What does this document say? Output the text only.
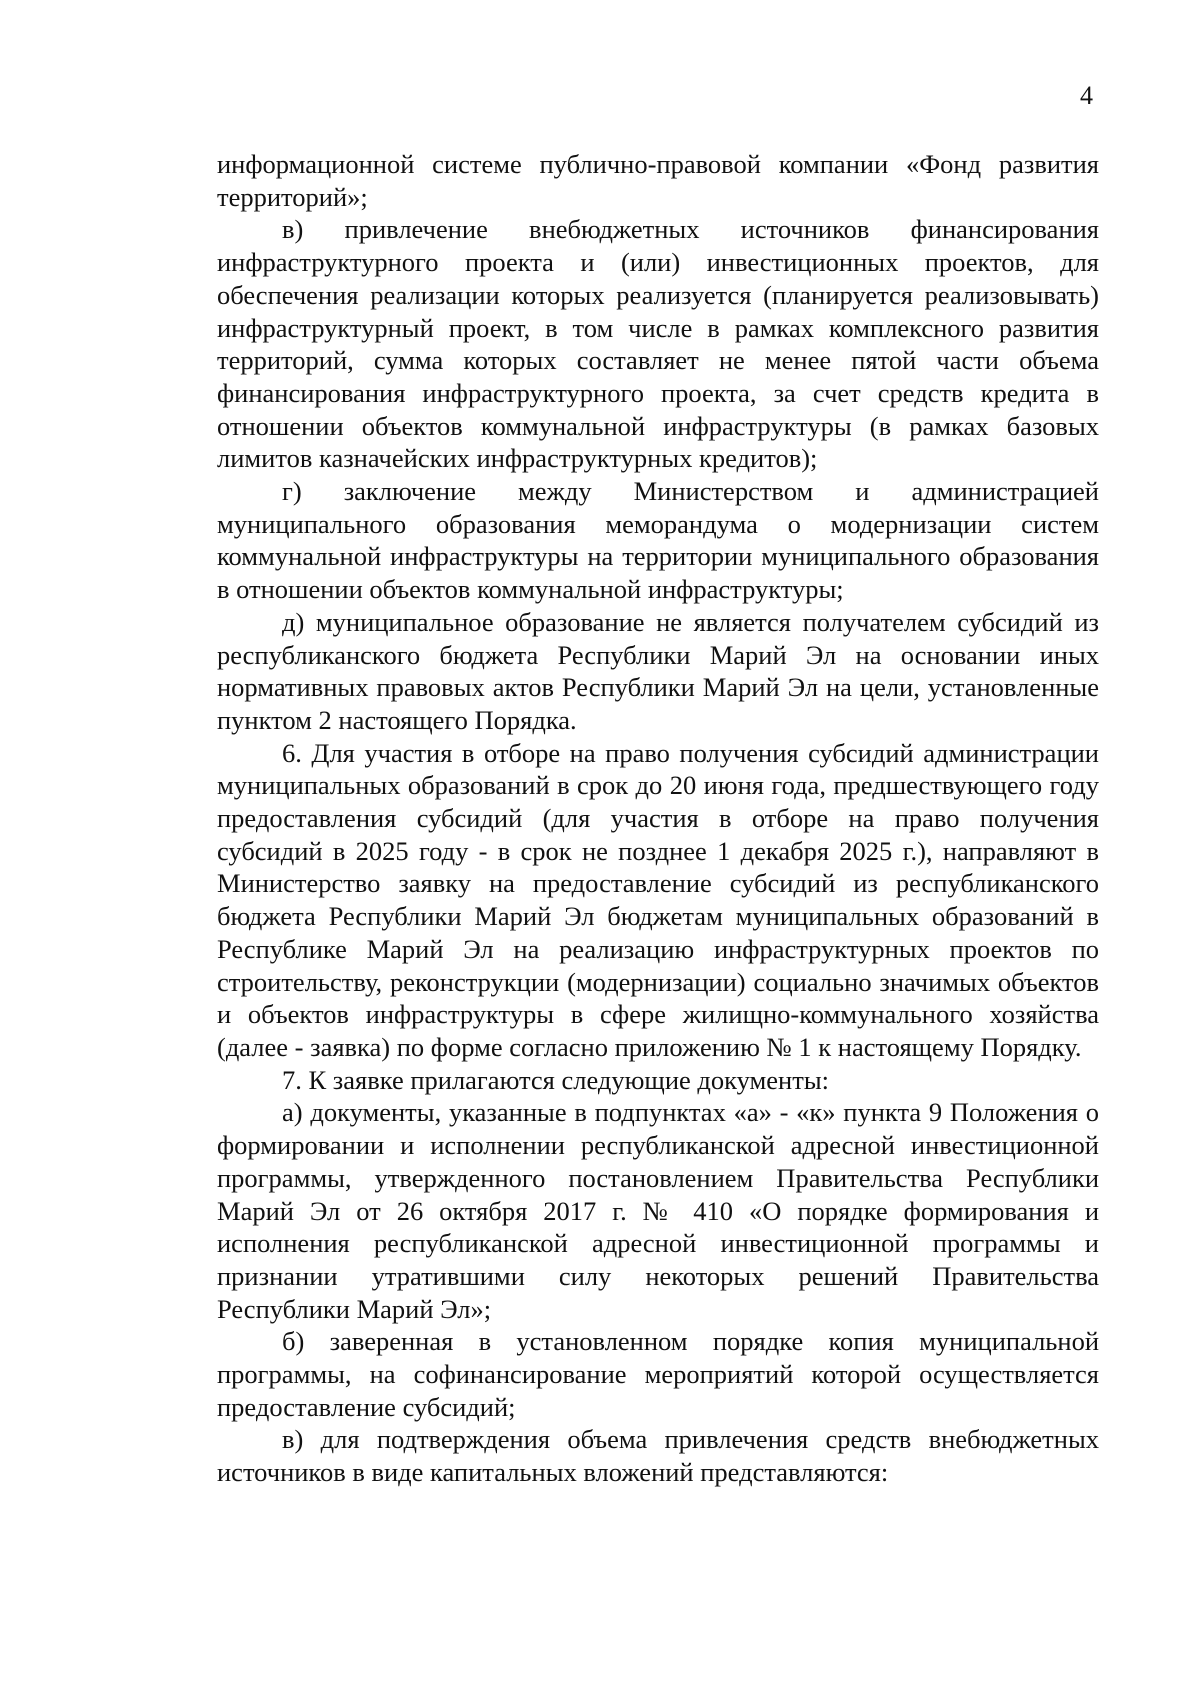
4

информационной системе публично-правовой компании «Фонд развития территорий»;

в) привлечение внебюджетных источников финансирования инфраструктурного проекта и (или) инвестиционных проектов, для обеспечения реализации которых реализуется (планируется реализовывать) инфраструктурный проект, в том числе в рамках комплексного развития территорий, сумма которых составляет не менее пятой части объема финансирования инфраструктурного проекта, за счет средств кредита в отношении объектов коммунальной инфраструктуры (в рамках базовых лимитов казначейских инфраструктурных кредитов);

г) заключение между Министерством и администрацией муниципального образования меморандума о модернизации систем коммунальной инфраструктуры на территории муниципального образования в отношении объектов коммунальной инфраструктуры;

д) муниципальное образование не является получателем субсидий из республиканского бюджета Республики Марий Эл на основании иных нормативных правовых актов Республики Марий Эл на цели, установленные пунктом 2 настоящего Порядка.

6. Для участия в отборе на право получения субсидий администрации муниципальных образований в срок до 20 июня года, предшествующего году предоставления субсидий (для участия в отборе на право получения субсидий в 2025 году - в срок не позднее 1 декабря 2025 г.), направляют в Министерство заявку на предоставление субсидий из республиканского бюджета Республики Марий Эл бюджетам муниципальных образований в Республике Марий Эл на реализацию инфраструктурных проектов по строительству, реконструкции (модернизации) социально значимых объектов и объектов инфраструктуры в сфере жилищно-коммунального хозяйства (далее - заявка) по форме согласно приложению № 1 к настоящему Порядку.

7. К заявке прилагаются следующие документы:

а) документы, указанные в подпунктах «а» - «к» пункта 9 Положения о формировании и исполнении республиканской адресной инвестиционной программы, утвержденного постановлением Правительства Республики Марий Эл от 26 октября 2017 г. № 410 «О порядке формирования и исполнения республиканской адресной инвестиционной программы и признании утратившими силу некоторых решений Правительства Республики Марий Эл»;

б) заверенная в установленном порядке копия муниципальной программы, на софинансирование мероприятий которой осуществляется предоставление субсидий;

в) для подтверждения объема привлечения средств внебюджетных источников в виде капитальных вложений представляются:
